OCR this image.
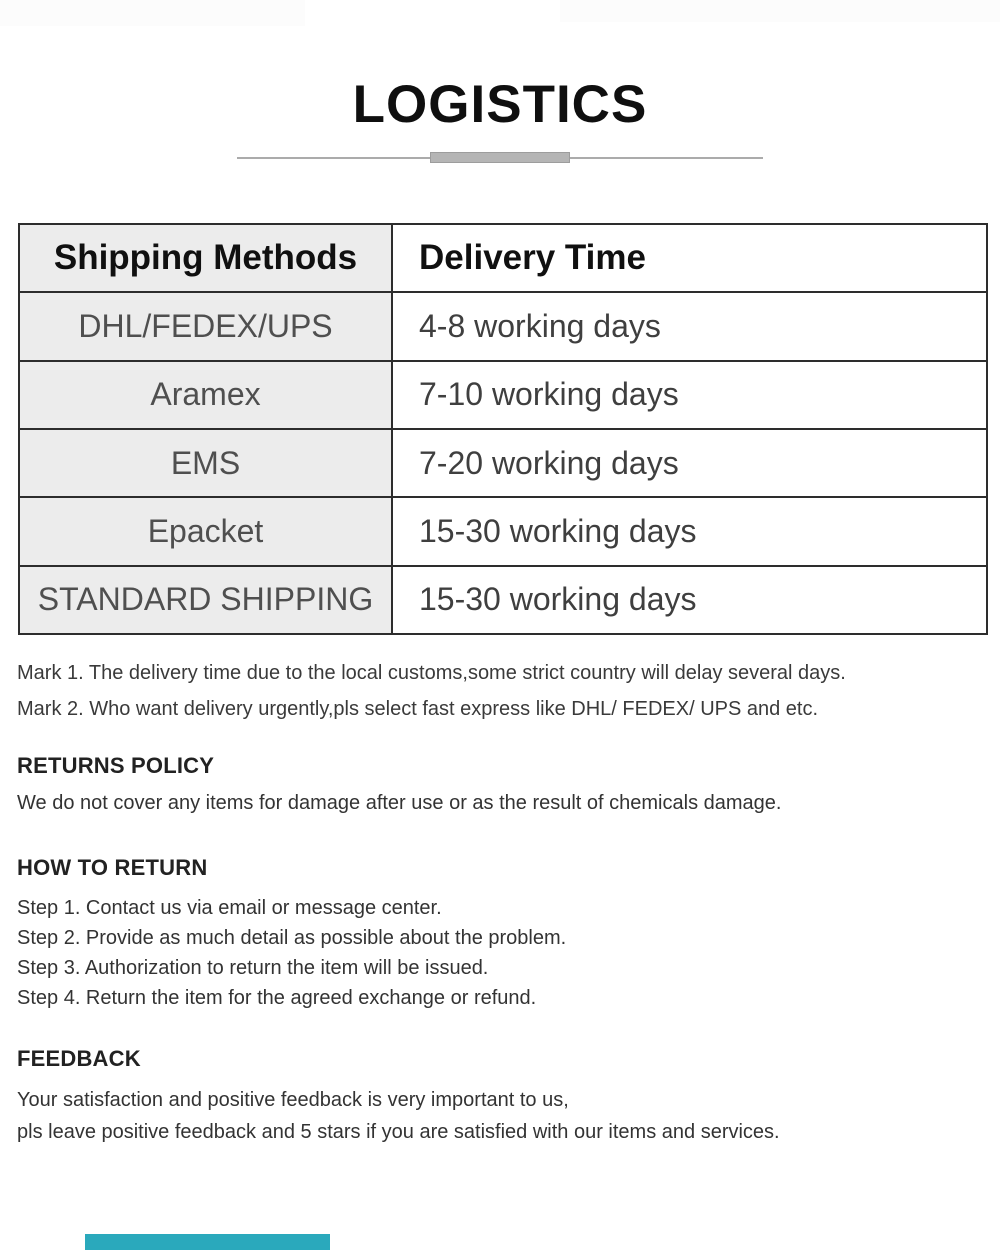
LOGISTICS
Shipping Methods	Delivery Time
DHL/FEDEX/UPS	4-8 working days
Aramex	7-10 working days
EMS	7-20 working days
Epacket	15-30 working days
STANDARD SHIPPING	15-30 working days
Mark 1. The delivery time due to the local customs,some strict country will delay several days.
Mark 2. Who want delivery urgently,pls select fast express like DHL/ FEDEX/ UPS and etc.
RETURNS POLICY
We do not cover any items for damage after use or as the result of chemicals damage.
HOW TO RETURN
Step 1. Contact us via email or message center.
Step 2. Provide as much detail as possible about the problem.
Step 3. Authorization to return the item will be issued.
Step 4. Return the item for the agreed exchange or refund.
FEEDBACK
Your satisfaction and positive feedback is very important to us,
pls leave positive feedback and 5 stars if you are satisfied with our items and services.
